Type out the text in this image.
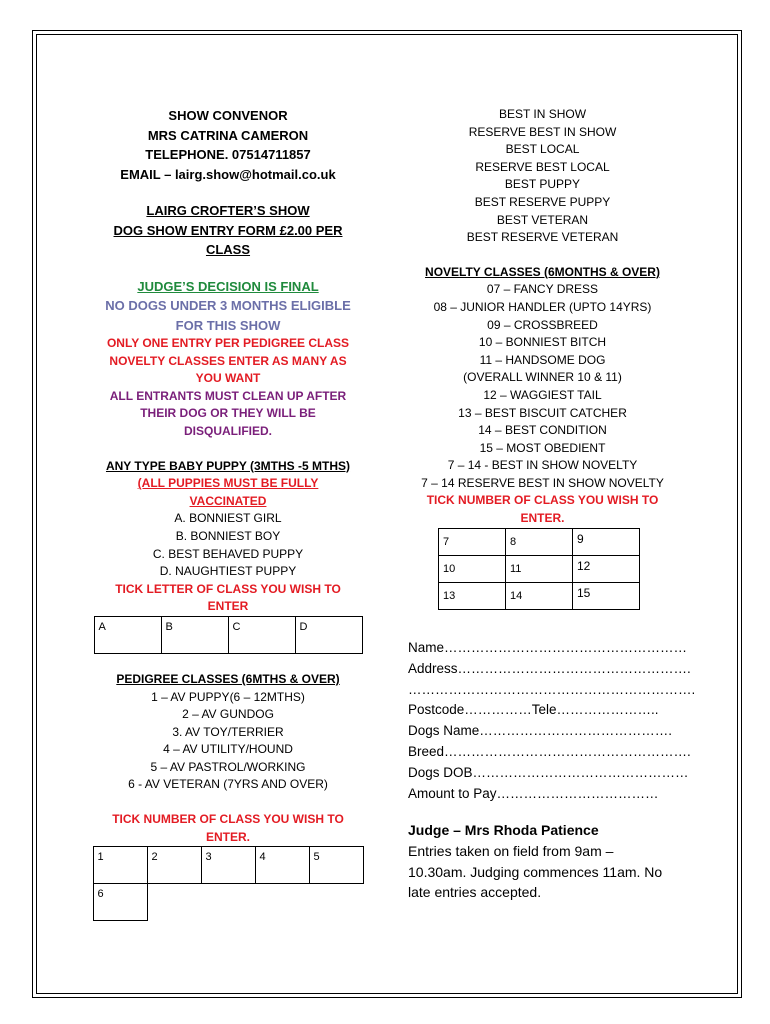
SHOW CONVENOR

MRS CATRINA CAMERON

TELEPHONE. 07514711857

EMAIL – lairg.show@hotmail.co.uk

LAIRG CROFTER’S SHOW

DOG SHOW ENTRY FORM £2.00 PER

CLASS

JUDGE’S DECISION IS FINAL

NO DOGS UNDER 3 MONTHS ELIGIBLE

FOR THIS SHOW

ONLY ONE ENTRY PER PEDIGREE CLASS

NOVELTY CLASSES ENTER AS MANY AS

YOU WANT

ALL ENTRANTS MUST CLEAN UP AFTER

THEIR DOG OR THEY WILL BE

DISQUALIFIED.

ANY TYPE BABY PUPPY (3MTHS -5 MTHS)

(ALL PUPPIES MUST BE FULLY

VACCINATED

A. BONNIEST GIRL

B. BONNIEST BOY

C. BEST BEHAVED PUPPY

D. NAUGHTIEST PUPPY

TICK LETTER OF CLASS YOU WISH TO

ENTER

A	B	C	D

PEDIGREE CLASSES (6MTHS & OVER)

1 – AV PUPPY(6 – 12MTHS)

2 – AV GUNDOG

3. AV TOY/TERRIER

4 – AV UTILITY/HOUND

5 – AV PASTROL/WORKING

6 - AV VETERAN (7YRS AND OVER)

TICK NUMBER OF CLASS YOU WISH TO

ENTER.

1	2	3	4	5
6				

BEST IN SHOW

RESERVE BEST IN SHOW

BEST LOCAL

RESERVE BEST LOCAL

BEST PUPPY

BEST RESERVE PUPPY

BEST VETERAN

BEST RESERVE VETERAN

NOVELTY CLASSES (6MONTHS & OVER)

07 – FANCY DRESS

08 – JUNIOR HANDLER (UPTO 14YRS)

09 – CROSSBREED

10 – BONNIEST BITCH

11 – HANDSOME DOG

(OVERALL WINNER 10 & 11)

12 – WAGGIEST TAIL

13 – BEST BISCUIT CATCHER

14 – BEST CONDITION

15 – MOST OBEDIENT

7 – 14 - BEST IN SHOW NOVELTY

7 – 14 RESERVE BEST IN SHOW NOVELTY

TICK NUMBER OF CLASS YOU WISH TO

ENTER.

7	8	9
10	11	12
13	14	15

Name………………………………………………

Address…………………………………………….

……………………………………………………….

Postcode……………Tele…………………..

Dogs Name…………………………………….

Breed……………………………………………….

Dogs DOB…………………………………………

Amount to Pay………………………………

Judge – Mrs Rhoda Patience

Entries taken on field from 9am – 10.30am. Judging commences 11am. No late entries accepted.
